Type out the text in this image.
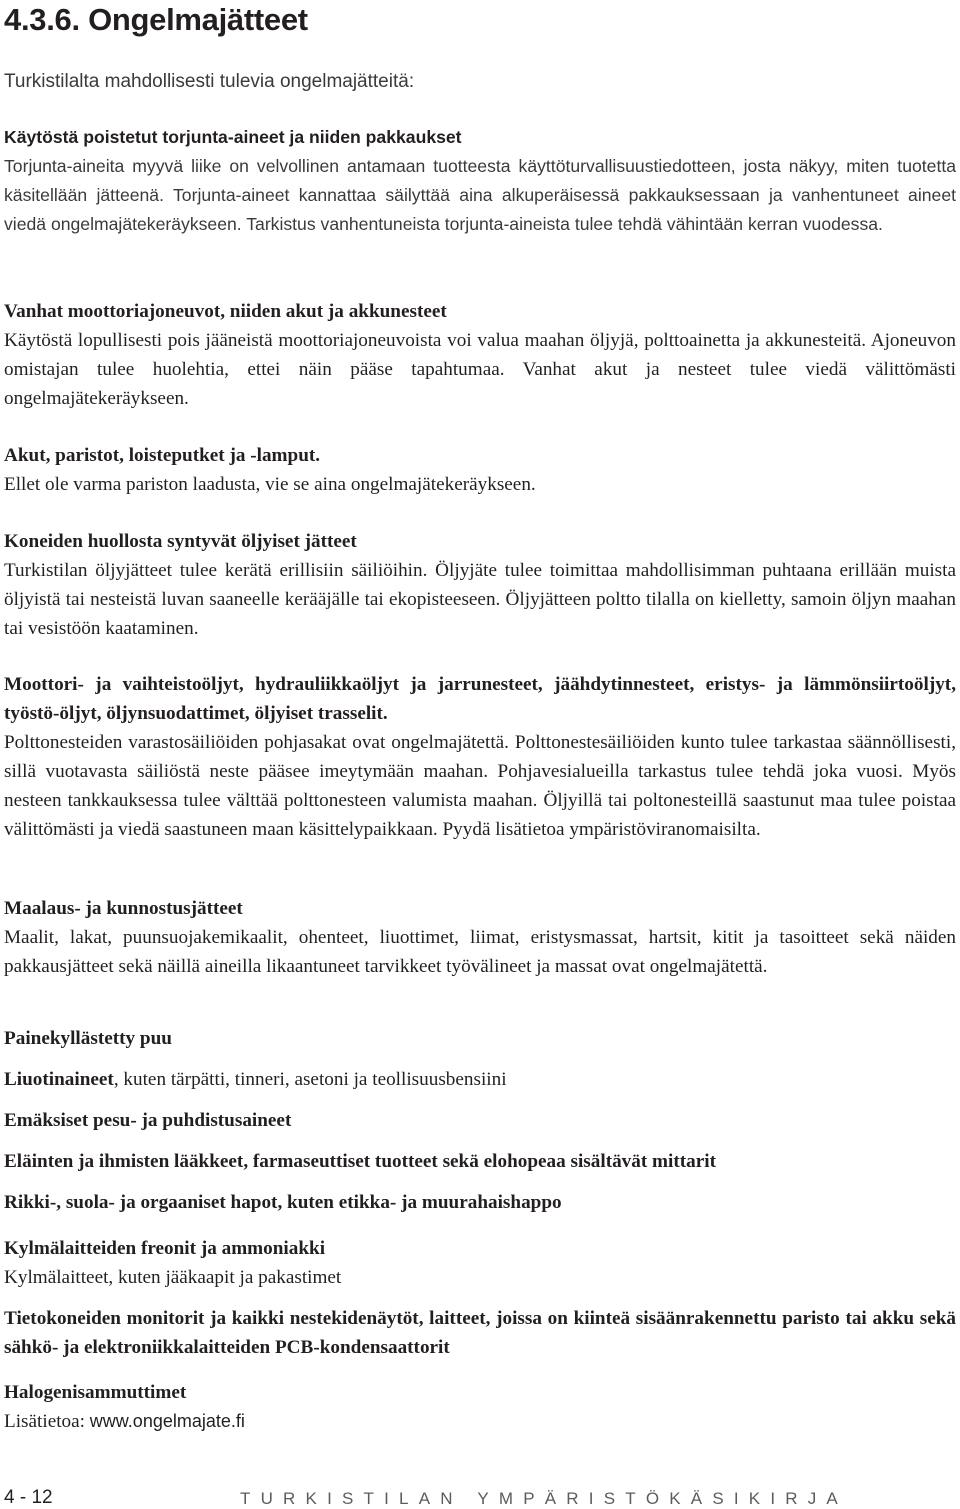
4.3.6. Ongelmajätteet

Turkistilalta mahdollisesti tulevia ongelmajätteitä:

Käytöstä poistetut torjunta-aineet ja niiden pakkaukset
Torjunta-aineita myyvä liike on velvollinen antamaan tuotteesta käyttöturvallisuustiedotteen, josta näkyy, miten tuotetta käsitellään jätteenä. Torjunta-aineet kannattaa säilyttää aina alkuperäisessä pakkauksessaan ja vanhentuneet aineet viedä ongelmajätekeräykseen. Tarkistus vanhentuneista torjunta-aineista tulee tehdä vähintään kerran vuodessa.
Vanhat moottoriajoneuvot, niiden akut ja akkunesteet
Käytöstä lopullisesti pois jääneistä moottoriajoneuvoista voi valua maahan öljyjä, polttoainetta ja akkunesteitä. Ajoneuvon omistajan tulee huolehtia, ettei näin pääse tapahtumaa. Vanhat akut ja nesteet tulee viedä välittömästi ongelmajätekeräykseen.
Akut, paristot, loisteputket ja -lamput.
Ellet ole varma pariston laadusta, vie se aina ongelmajätekeräykseen.
Koneiden huollosta syntyvät öljyiset jätteet
Turkistilan öljyjätteet tulee kerätä erillisiin säiliöihin. Öljyjäte tulee toimittaa mahdollisimman puhtaana erillään muista öljyistä tai nesteistä luvan saaneelle kerääjälle tai ekopisteeseen. Öljyjätteen poltto tilalla on kielletty, samoin öljyn maahan tai vesistöön kaataminen.
Moottori- ja vaihteistoöljyt, hydrauliikkaöljyt ja jarrunesteet, jäähdytinnesteet, eristys- ja lämmönsiirtoöljyt, työstö-öljyt, öljynsuodattimet, öljyiset trasselit.
Polttonesteiden varastosäiliöiden pohjasakat ovat ongelmajätettä. Polttonestesäiliöiden kunto tulee tarkastaa säännöllisesti, sillä vuotavasta säiliöstä neste pääsee imeytymään maahan. Pohjavesialueilla tarkastus tulee tehdä joka vuosi. Myös nesteen tankkauksessa tulee välttää polttonesteen valumista maahan. Öljyillä tai poltonesteillä saastunut maa tulee poistaa välittömästi ja viedä saastuneen maan käsittelypaikkaan. Pyydä lisätietoa ympäristöviranomaisilta.
Maalaus- ja kunnostusjätteet
Maalit, lakat, puunsuojakemikaalit, ohenteet, liuottimet, liimat, eristysmassat, hartsit, kitit ja tasoitteet sekä näiden pakkausjätteet sekä näillä aineilla likaantuneet tarvikkeet työvälineet ja massat ovat ongelmajätettä.
Painekyllästetty puu
Liuotinaineet, kuten tärpätti, tinneri, asetoni ja teollisuusbensiini
Emäksiset pesu- ja puhdistusaineet
Eläinten ja ihmisten lääkkeet, farmaseuttiset tuotteet sekä elohopeaa sisältävät mittarit
Rikki-, suola- ja orgaaniset hapot, kuten etikka- ja muurahaishappo
Kylmälaitteiden freonit ja ammoniakki
Kylmälaitteet, kuten jääkaapit ja pakastimet
Tietokoneiden monitorit ja kaikki nestekidenäytöt, laitteet, joissa on kiinteä sisäänrakennettu paristo tai akku sekä sähkö- ja elektroniikkalaitteiden PCB-kondensaattorit
Halogenisammuttimet
Lisätietoa: www.ongelmajate.fi
4 - 12	TURKISTILAN YMPÄRISTÖKÄSIKIRJA
